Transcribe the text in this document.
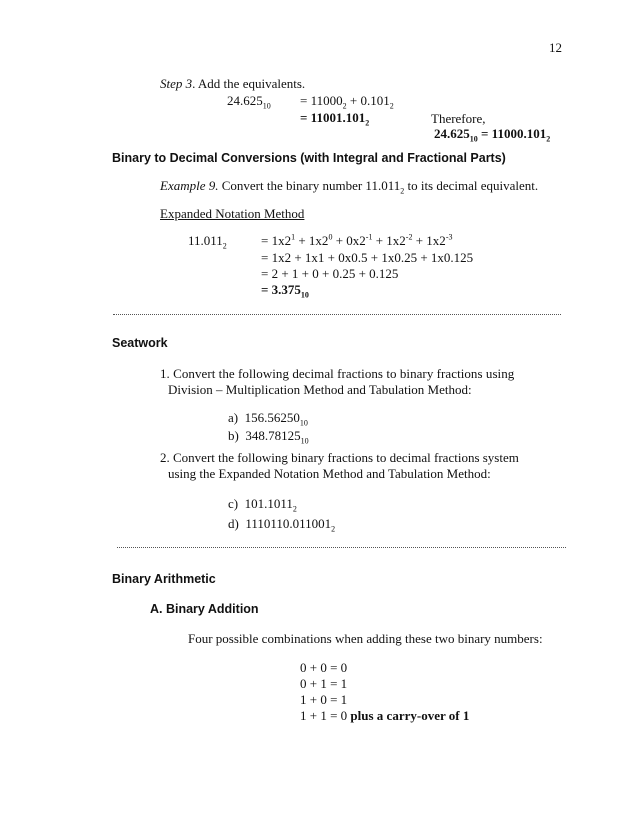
12
Step 3. Add the equivalents.
$24.625_{10} = 11000_2 + 0.101_2$
= $11001.101_2$	Therefore,
$24.625_{10} = 11000.101_2$
Binary to Decimal Conversions (with Integral and Fractional Parts)
Example 9. Convert the binary number $11.011_2$ to its decimal equivalent.
Expanded Notation Method
$11.011_2$	= $1x2^1 + 1x2^0 + 0x2^{-1} + 1x2^{-2} + 1x2^{-3}$
= 1x2 + 1x1 + 0x0.5 + 1x0.25 + 1x0.125
= 2 + 1 + 0 + 0.25 + 0.125
= $3.375_{10}$
Seatwork
1. Convert the following decimal fractions to binary fractions using
Division – Multiplication Method and Tabulation Method:
a) $156.56250_{10}$
b) $348.78125_{10}$
2. Convert the following binary fractions to decimal fractions system
using the Expanded Notation Method and Tabulation Method:
c) $101.1011_2$
d) $1110110.011001_2$
Binary Arithmetic
A. Binary Addition
Four possible combinations when adding these two binary numbers:
0 + 0 = 0
0 + 1 = 1
1 + 0 = 1
1 + 1 = 0 plus a carry-over of 1
